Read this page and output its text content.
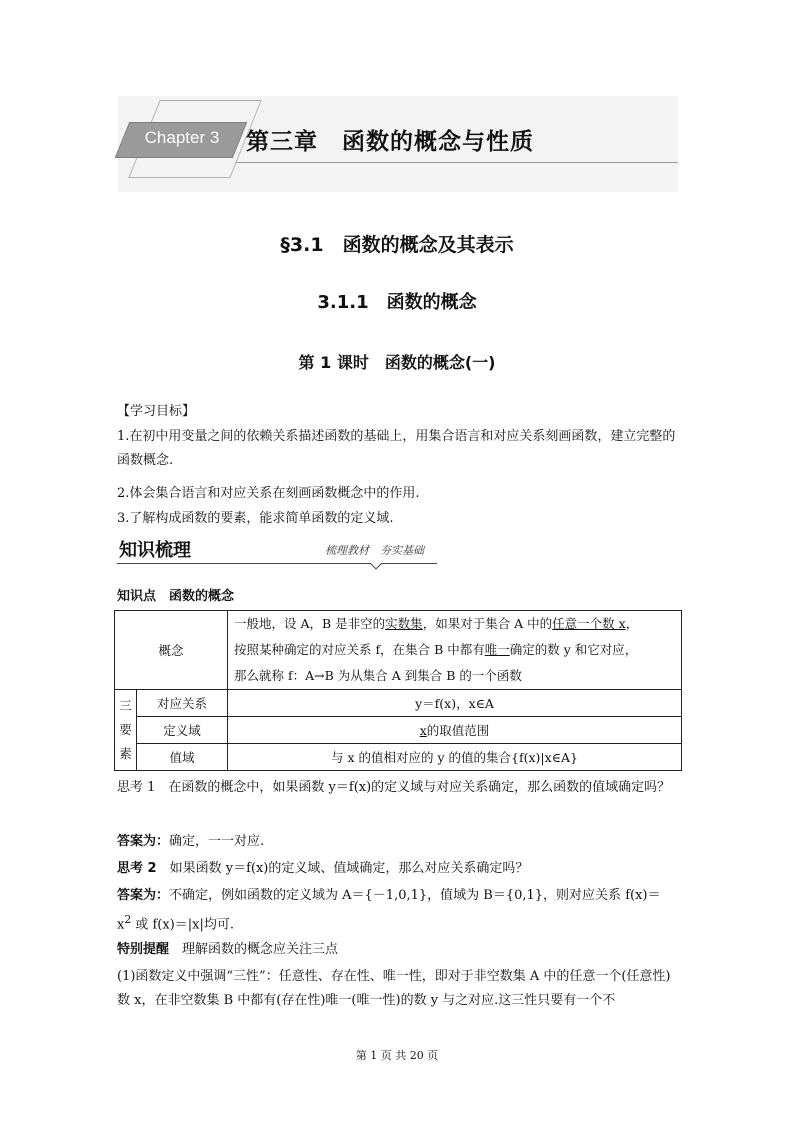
Chapter 3	第三章　函数的概念与性质
§3.1　函数的概念及其表示
3.1.1　函数的概念
第 1 课时　函数的概念(一)
【学习目标】
1.在初中用变量之间的依赖关系描述函数的基础上，用集合语言和对应关系刻画函数，建立完整的函数概念.
2.体会集合语言和对应关系在刻画函数概念中的作用.
3.了解构成函数的要素，能求简单函数的定义域.
知识梳理	梳理教材　夯实基础
知识点　函数的概念
概念		一般地，设 A，B 是非空的实数集，如果对于集合 A 中的任意一个数 x，
按照某种确定的对应关系 f，在集合 B 中都有唯一确定的数 y 和它对应，
那么就称 f：A→B 为从集合 A 到集合 B 的一个函数

三
要
素	对应关系	y＝f(x)，x∈A
	定义域	x的取值范围
	值域	与 x 的值相对应的 y 的值的集合{f(x)|x∈A}
思考 1　 在函数的概念中，如果函数 y＝f(x)的定义域与对应关系确定，那么函数的值域确定吗？
答案为：确定，一一对应.
思考 2　 如果函数 y＝f(x)的定义域、值域确定，那么对应关系确定吗？
答案为：不确定，例如函数的定义域为 A＝{－1,0,1}，值域为 B＝{0,1}，则对应关系 f(x)＝
$x^2$ 或 f(x)＝|x|均可.
特别提醒　 理解函数的概念应关注三点
(1)函数定义中强调“三性”：任意性、存在性、唯一性，即对于非空数集 A 中的任意一个(任意性)数 x，在非空数集 B 中都有(存在性)唯一(唯一性)的数 y 与之对应.这三性只要有一个不
第 1 页 共 20 页
